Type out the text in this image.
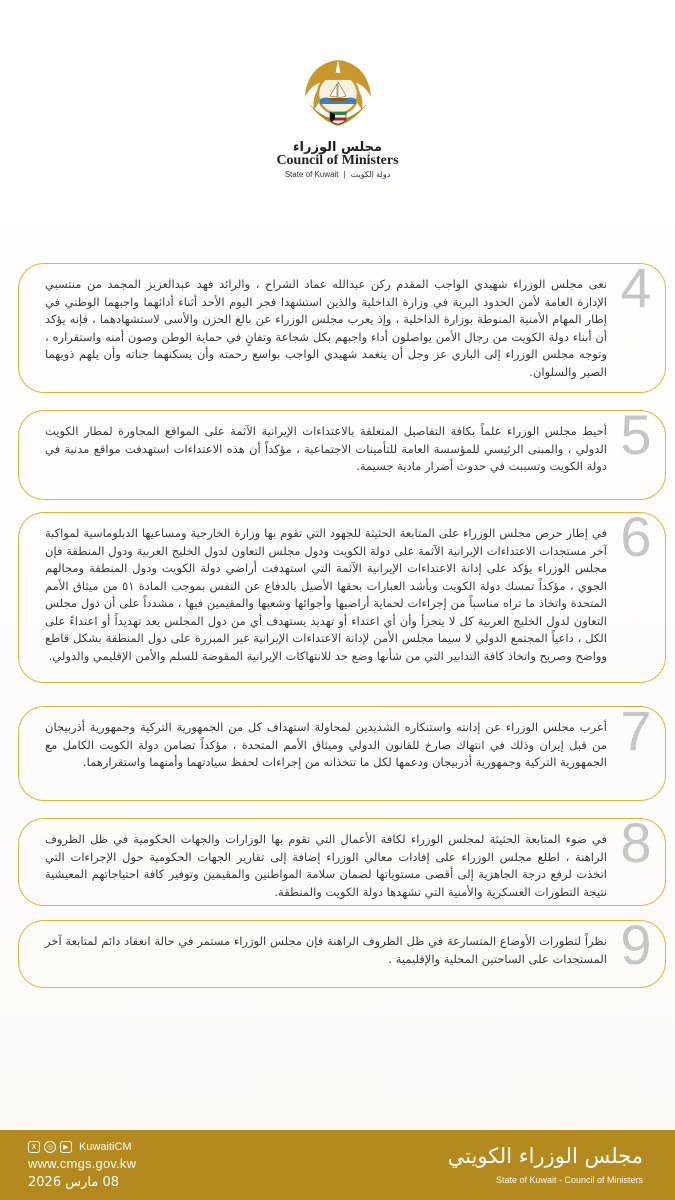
مجلس الوزراء
Council of Ministers
State of Kuwait | دولة الكويت
4
نعى مجلس الوزراء شهيدي الواجب المقدم ركن عبدالله عماد الشراح ، والرائد فهد عبدالعزيز المجمد من منتسبي الإدارة العامة لأمن الحدود البرية في وزارة الداخلية والذين استشهدا فجر اليوم الأحد أثناء أدائهما واجبهما الوطني في إطار المهام الأمنية المنوطة بوزارة الداخلية ، وإذ يعرب مجلس الوزراء عن بالغ الحزن والأسى لاستشهادهما ، فإنه يؤكد أن أبناء دولة الكويت من رجال الأمن يواصلون أداء واجبهم بكل شجاعة وتفانٍ في حماية الوطن وصون أمنه واستقراره ، وتوجه مجلس الوزراء إلى الباري عز وجل أن يتغمد شهيدي الواجب بواسع رحمته وأن يسكنهما جناته وأن يلهم ذويهما الصبر والسلوان.
5
أحيط مجلس الوزراء علماً بكافة التفاصيل المتعلقة بالاعتداءات الإيرانية الآثمة على المواقع المجاورة لمطار الكويت الدولي ، والمبنى الرئيسي للمؤسسة العامة للتأمينات الاجتماعية ، مؤكداً أن هذه الاعتداءات استهدفت مواقع مدنية في دولة الكويت وتسببت في حدوث أضرار مادية جسيمة.
6
في إطار حرص مجلس الوزراء على المتابعة الحثيثة للجهود التي تقوم بها وزارة الخارجية ومساعيها الدبلوماسية لمواكبة آخر مستجدات الاعتداءات الإيرانية الآثمة على دولة الكويت ودول مجلس التعاون لدول الخليج العربية ودول المنطقة فإن مجلس الوزراء يؤكد على إدانة الاعتداءات الإيرانية الآثمة التي استهدفت أراضي دولة الكويت ودول المنطقة ومجالهم الجوي ، مؤكداً تمسك دولة الكويت وبأشد العبارات بحقها الأصيل بالدفاع عن النفس بموجب المادة ٥١ من ميثاق الأمم المتحدة واتخاذ ما تراه مناسباً من إجراءات لحماية أراضيها وأجوائها وشعبها والمقيمين فيها ، مشدداً على أن دول مجلس التعاون لدول الخليج العربية كل لا يتجزأ وأن أي اعتداء أو تهديد يستهدف أي من دول المجلس يعد تهديداً أو اعتداءً على الكل ، داعياً المجتمع الدولي لا سيما مجلس الأمن لإدانة الاعتداءات الإيرانية غير المبررة على دول المنطقة بشكل قاطع وواضح وصريح واتخاذ كافة التدابير التي من شأنها وضع حد للانتهاكات الإيرانية المقوضة للسلم والأمن الإقليمي والدولي.
7
أعرب مجلس الوزراء عن إدانته واستنكاره الشديدين لمحاولة استهداف كل من الجمهورية التركية وجمهورية أذربيجان من قبل إيران وذلك في انتهاك صارخ للقانون الدولي وميثاق الأمم المتحدة ، مؤكداً تضامن دولة الكويت الكامل مع الجمهورية التركية وجمهورية أذربيجان ودعمها لكل ما تتخذانه من إجراءات لحفظ سيادتهما وأمنهما واستقرارهما.
8
في ضوء المتابعة الحثيثة لمجلس الوزراء لكافة الأعمال التي تقوم بها الوزارات والجهات الحكومية في ظل الظروف الراهنة ، اطلع مجلس الوزراء على إفادات معالي الوزراء إضافة إلى تقارير الجهات الحكومية حول الإجراءات التي اتخذت لرفع درجة الجاهزية إلى أقصى مستوياتها لضمان سلامة المواطنين والمقيمين وتوفير كافة احتياجاتهم المعيشية نتيجة التطورات العسكرية والأمنية التي تشهدها دولة الكويت والمنطقة.
9
نظراً لتطورات الأوضاع المتسارعة في ظل الظروف الراهنة فإن مجلس الوزراء مستمر في حالة انعقاد دائم لمتابعة آخر المستجدات على الساحتين المحلية والإقليمية .
X	◎	▶ KuwaitiCM
www.cmgs.gov.kw
08 مارس 2026
مجلس الوزراء الكويتي
State of Kuwait - Council of Ministers
